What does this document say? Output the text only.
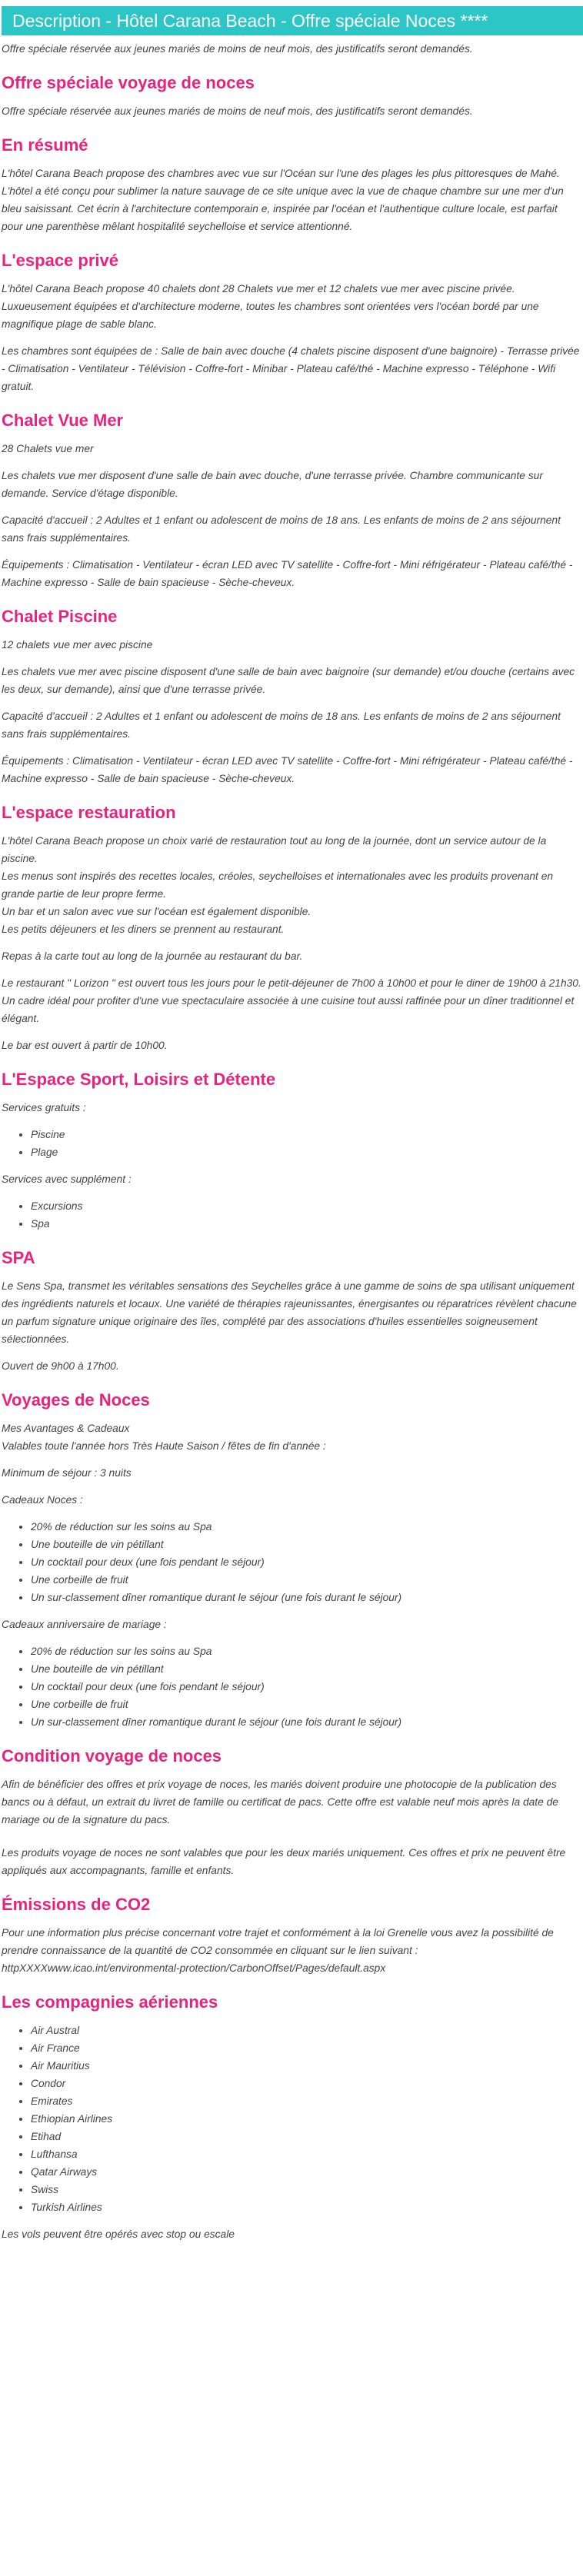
Description - Hôtel Carana Beach - Offre spéciale Noces ****

Offre spéciale réservée aux jeunes mariés de moins de neuf mois, des justificatifs seront demandés.

Offre spéciale voyage de noces

Offre spéciale réservée aux jeunes mariés de moins de neuf mois, des justificatifs seront demandés.

En résumé

L'hôtel Carana Beach propose des chambres avec vue sur l'Océan sur l'une des plages les plus pittoresques de Mahé. L'hôtel a été conçu pour sublimer la nature sauvage de ce site unique avec la vue de chaque chambre sur une mer d'un bleu saisissant. Cet écrin à l'architecture contemporain e, inspirée par l'océan et l'authentique culture locale, est parfait pour une parenthèse mêlant hospitalité seychelloise et service attentionné.

L'espace privé

L'hôtel Carana Beach propose 40 chalets dont 28 Chalets vue mer et 12 chalets vue mer avec piscine privée. Luxueusement équipées et d'architecture moderne, toutes les chambres sont orientées vers l'océan bordé par une magnifique plage de sable blanc.

Les chambres sont équipées de : Salle de bain avec douche (4 chalets piscine disposent d'une baignoire) - Terrasse privée - Climatisation - Ventilateur - Télévision - Coffre-fort - Minibar - Plateau café/thé - Machine expresso - Téléphone - Wifi gratuit.

Chalet Vue Mer

28 Chalets vue mer

Les chalets vue mer disposent d'une salle de bain avec douche, d'une terrasse privée. Chambre communicante sur demande. Service d'étage disponible.

Capacité d'accueil : 2 Adultes et 1 enfant ou adolescent de moins de 18 ans. Les enfants de moins de 2 ans séjournent sans frais supplémentaires.

Équipements : Climatisation - Ventilateur - écran LED avec TV satellite - Coffre-fort - Mini réfrigérateur - Plateau café/thé - Machine expresso - Salle de bain spacieuse - Sèche-cheveux.

Chalet Piscine

12 chalets vue mer avec piscine

Les chalets vue mer avec piscine disposent d'une salle de bain avec baignoire (sur demande) et/ou douche (certains avec les deux, sur demande), ainsi que d'une terrasse privée.

Capacité d'accueil : 2 Adultes et 1 enfant ou adolescent de moins de 18 ans. Les enfants de moins de 2 ans séjournent sans frais supplémentaires.

Équipements : Climatisation - Ventilateur - écran LED avec TV satellite - Coffre-fort - Mini réfrigérateur - Plateau café/thé - Machine expresso - Salle de bain spacieuse - Sèche-cheveux.

L'espace restauration

L'hôtel Carana Beach propose un choix varié de restauration tout au long de la journée, dont un service autour de la piscine.
Les menus sont inspirés des recettes locales, créoles, seychelloises et internationales avec les produits provenant en grande partie de leur propre ferme.
Un bar et un salon avec vue sur l'océan est également disponible.
Les petits déjeuners et les diners se prennent au restaurant.

Repas à la carte tout au long de la journée au restaurant du bar.

Le restaurant " Lorizon " est ouvert tous les jours pour le petit-déjeuner de 7h00 à 10h00 et pour le diner de 19h00 à 21h30.
Un cadre idéal pour profiter d'une vue spectaculaire associée à une cuisine tout aussi raffinée pour un dîner traditionnel et élégant.

Le bar est ouvert à partir de 10h00.

L'Espace Sport, Loisirs et Détente

Services gratuits :

• Piscine
• Plage

Services avec supplément :

• Excursions
• Spa
SPA

Le Sens Spa, transmet les véritables sensations des Seychelles grâce à une gamme de soins de spa utilisant uniquement des ingrédients naturels et locaux. Une variété de thérapies rajeunissantes, énergisantes ou réparatrices révèlent chacune un parfum signature unique originaire des îles, complété par des associations d'huiles essentielles soigneusement sélectionnées.

Ouvert de 9h00 à 17h00.

Voyages de Noces

Mes Avantages & Cadeaux
Valables toute l'année hors Très Haute Saison / fêtes de fin d'année :

Minimum de séjour : 3 nuits

Cadeaux Noces :

• 20% de réduction sur les soins au Spa
• Une bouteille de vin pétillant
• Un cocktail pour deux (une fois pendant le séjour)
• Une corbeille de fruit
• Un sur-classement dîner romantique durant le séjour (une fois durant le séjour)

Cadeaux anniversaire de mariage :

• 20% de réduction sur les soins au Spa
• Une bouteille de vin pétillant
• Un cocktail pour deux (une fois pendant le séjour)
• Une corbeille de fruit
• Un sur-classement dîner romantique durant le séjour (une fois durant le séjour)
Condition voyage de noces

Afin de bénéficier des offres et prix voyage de noces, les mariés doivent produire une photocopie de la publication des bancs ou à défaut, un extrait du livret de famille ou certificat de pacs. Cette offre est valable neuf mois après la date de mariage ou de la signature du pacs.

Les produits voyage de noces ne sont valables que pour les deux mariés uniquement. Ces offres et prix ne peuvent être appliqués aux accompagnants, famille et enfants.

Émissions de CO2

Pour une information plus précise concernant votre trajet et conformément à la loi Grenelle vous avez la possibilité de prendre connaissance de la quantité de CO2 consommée en cliquant sur le lien suivant :
httpXXXXwww.icao.int/environmental-protection/CarbonOffset/Pages/default.aspx

Les compagnies aériennes
• Air Austral
• Air France
• Air Mauritius
• Condor
• Emirates
• Ethiopian Airlines
• Etihad
• Lufthansa
• Qatar Airways
• Swiss
• Turkish Airlines

Les vols peuvent être opérés avec stop ou escale
